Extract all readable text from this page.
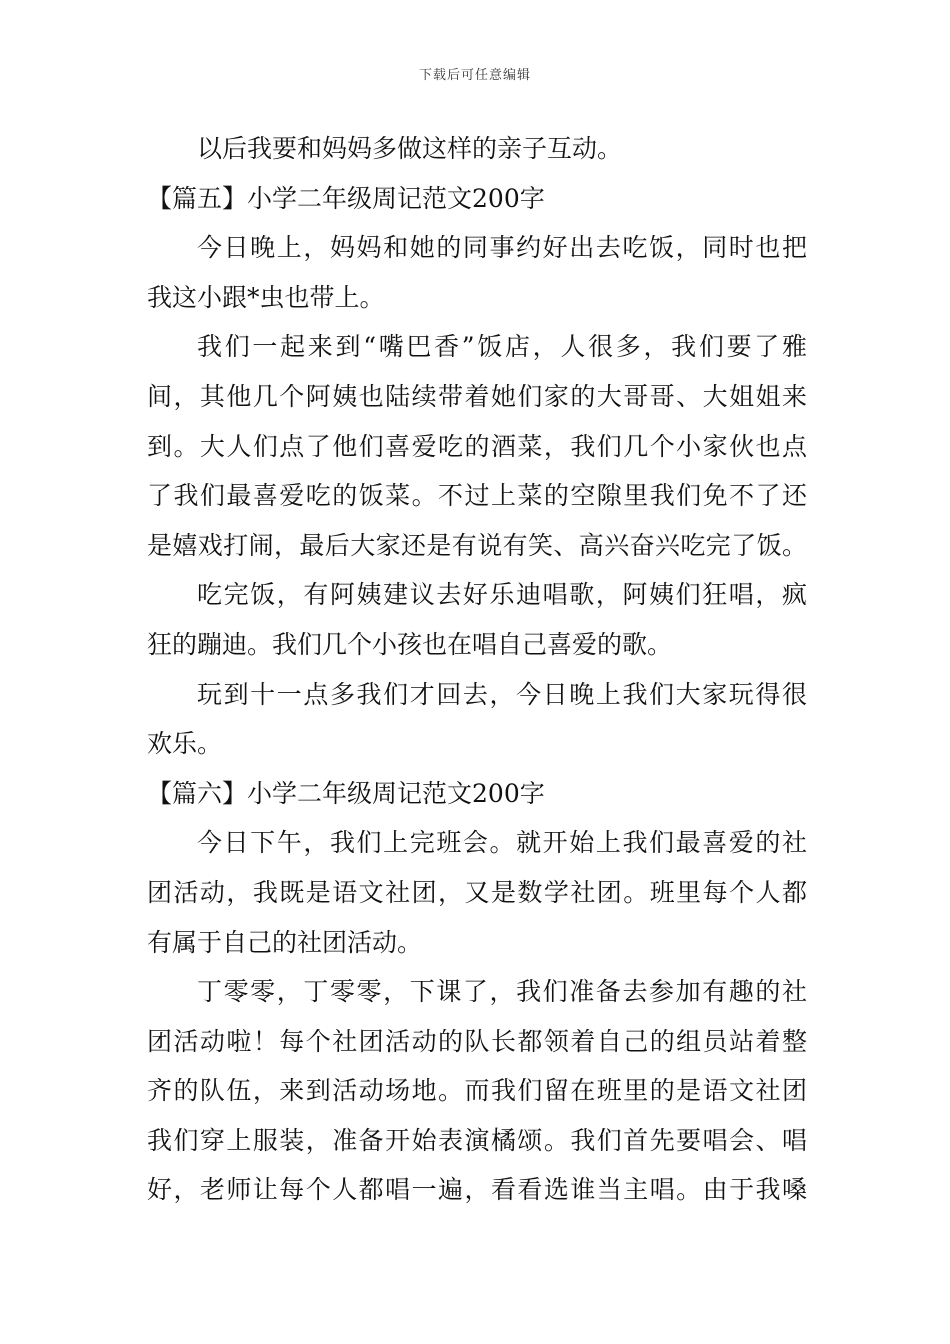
下载后可任意编辑
以后我要和妈妈多做这样的亲子互动。
【篇五】小学二年级周记范文200字
今日晚上，妈妈和她的同事约好出去吃饭，同时也把
我这小跟*虫也带上。
我们一起来到“嘴巴香”饭店，人很多，我们要了雅
间，其他几个阿姨也陆续带着她们家的大哥哥、大姐姐来
到。大人们点了他们喜爱吃的酒菜，我们几个小家伙也点
了我们最喜爱吃的饭菜。不过上菜的空隙里我们免不了还
是嬉戏打闹，最后大家还是有说有笑、高兴奋兴吃完了饭。
吃完饭，有阿姨建议去好乐迪唱歌，阿姨们狂唱，疯
狂的蹦迪。我们几个小孩也在唱自己喜爱的歌。
玩到十一点多我们才回去，今日晚上我们大家玩得很
欢乐。
【篇六】小学二年级周记范文200字
今日下午，我们上完班会。就开始上我们最喜爱的社
团活动，我既是语文社团，又是数学社团。班里每个人都
有属于自己的社团活动。
丁零零，丁零零，下课了，我们准备去参加有趣的社
团活动啦！每个社团活动的队长都领着自己的组员站着整
齐的队伍，来到活动场地。而我们留在班里的是语文社团
我们穿上服装，准备开始表演橘颂。我们首先要唱会、唱
好，老师让每个人都唱一遍，看看选谁当主唱。由于我嗓
